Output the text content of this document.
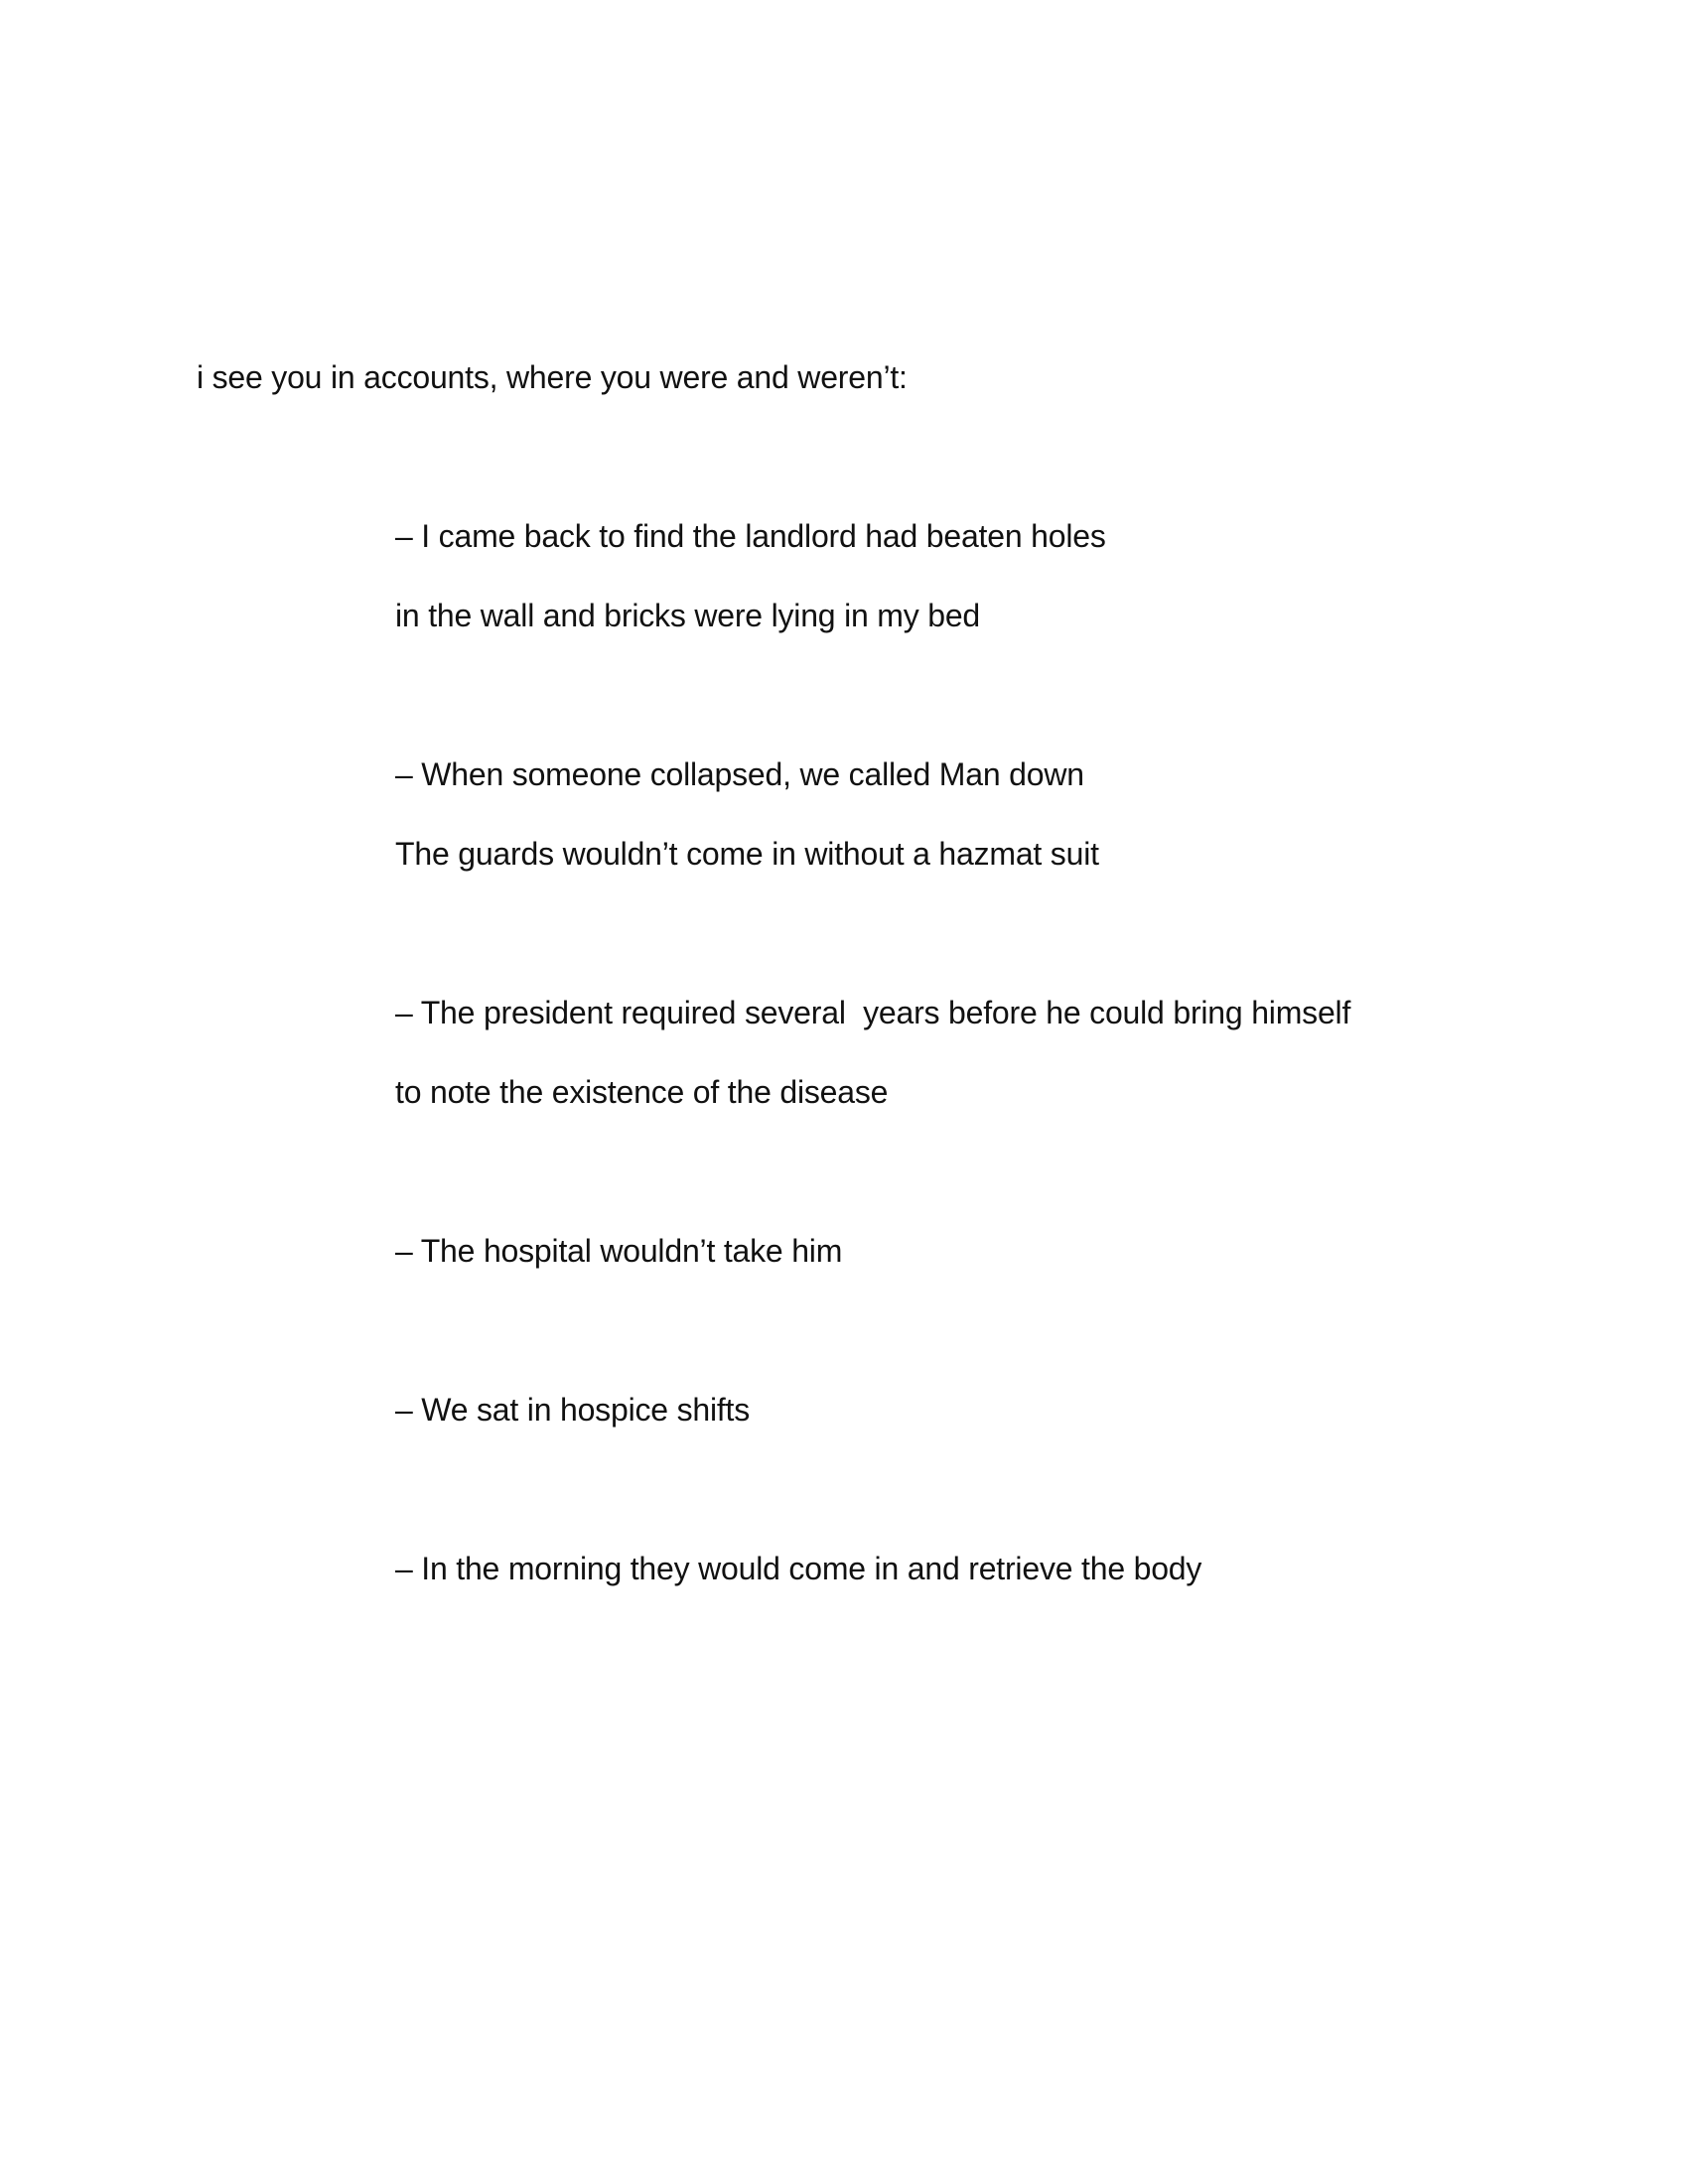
i see you in accounts, where you were and weren’t:

– I came back to find the landlord had beaten holes

in the wall and bricks were lying in my bed

– When someone collapsed, we called Man down

The guards wouldn’t come in without a hazmat suit

– The president required several  years before he could bring himself

to note the existence of the disease

– The hospital wouldn’t take him

– We sat in hospice shifts

– In the morning they would come in and retrieve the body
